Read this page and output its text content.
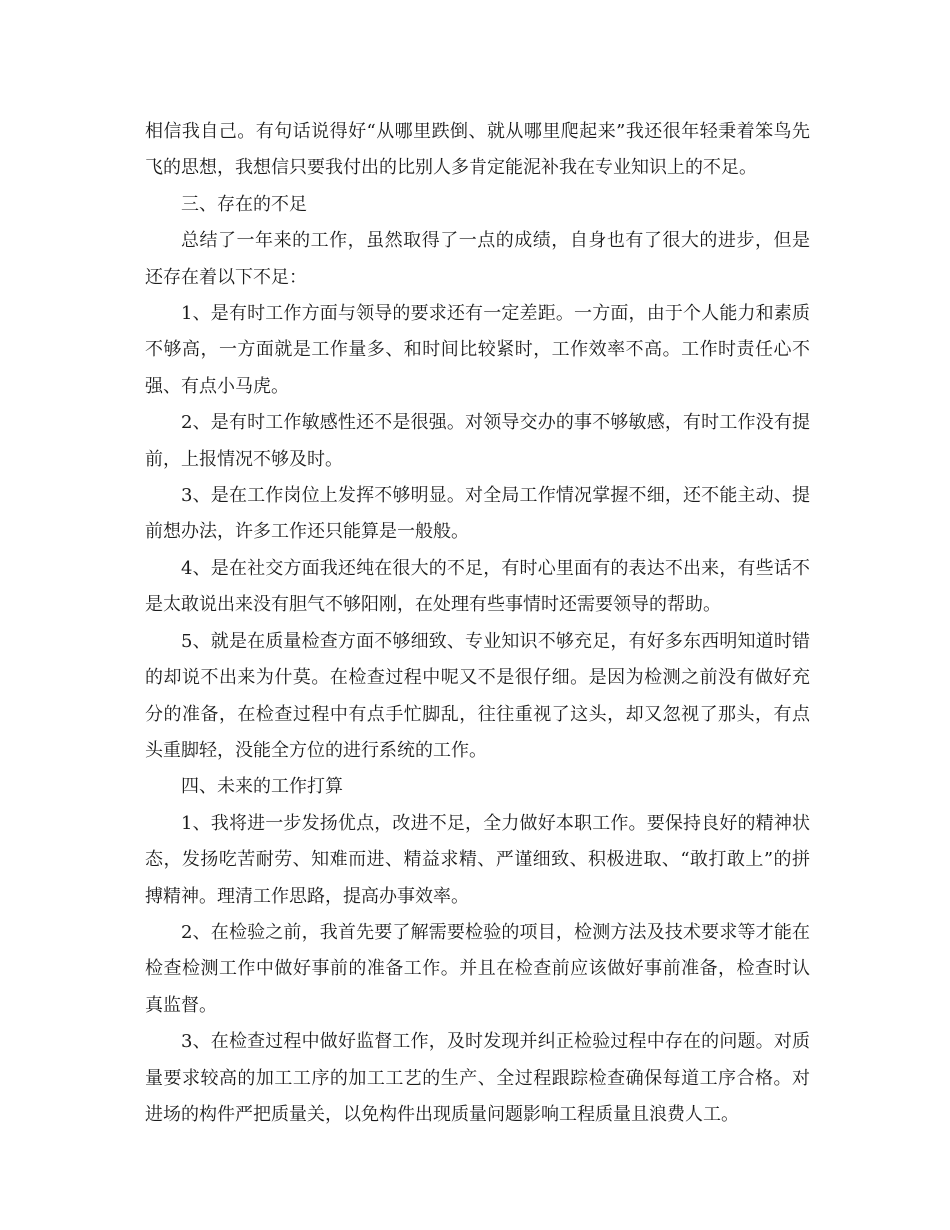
相信我自己。有句话说得好“从哪里跌倒、就从哪里爬起来”我还很年轻秉着笨鸟先飞的思想，我想信只要我付出的比别人多肯定能泥补我在专业知识上的不足。

三、存在的不足

总结了一年来的工作，虽然取得了一点的成绩，自身也有了很大的进步，但是还存在着以下不足：

1、是有时工作方面与领导的要求还有一定差距。一方面，由于个人能力和素质不够高，一方面就是工作量多、和时间比较紧时，工作效率不高。工作时责任心不强、有点小马虎。

2、是有时工作敏感性还不是很强。对领导交办的事不够敏感，有时工作没有提前，上报情况不够及时。

3、是在工作岗位上发挥不够明显。对全局工作情况掌握不细，还不能主动、提前想办法，许多工作还只能算是一般般。

4、是在社交方面我还纯在很大的不足，有时心里面有的表达不出来，有些话不是太敢说出来没有胆气不够阳刚，在处理有些事情时还需要领导的帮助。

5、就是在质量检查方面不够细致、专业知识不够充足，有好多东西明知道时错的却说不出来为什莫。在检查过程中呢又不是很仔细。是因为检测之前没有做好充分的准备，在检查过程中有点手忙脚乱，往往重视了这头，却又忽视了那头，有点头重脚轻，没能全方位的进行系统的工作。

四、未来的工作打算

1、我将进一步发扬优点，改进不足，全力做好本职工作。要保持良好的精神状态，发扬吃苦耐劳、知难而进、精益求精、严谨细致、积极进取、“敢打敢上”的拼搏精神。理清工作思路，提高办事效率。

2、在检验之前，我首先要了解需要检验的项目，检测方法及技术要求等才能在检查检测工作中做好事前的准备工作。并且在检查前应该做好事前准备，检查时认真监督。

3、在检查过程中做好监督工作，及时发现并纠正检验过程中存在的问题。对质量要求较高的加工工序的加工工艺的生产、全过程跟踪检查确保每道工序合格。对进场的构件严把质量关，以免构件出现质量问题影响工程质量且浪费人工。
